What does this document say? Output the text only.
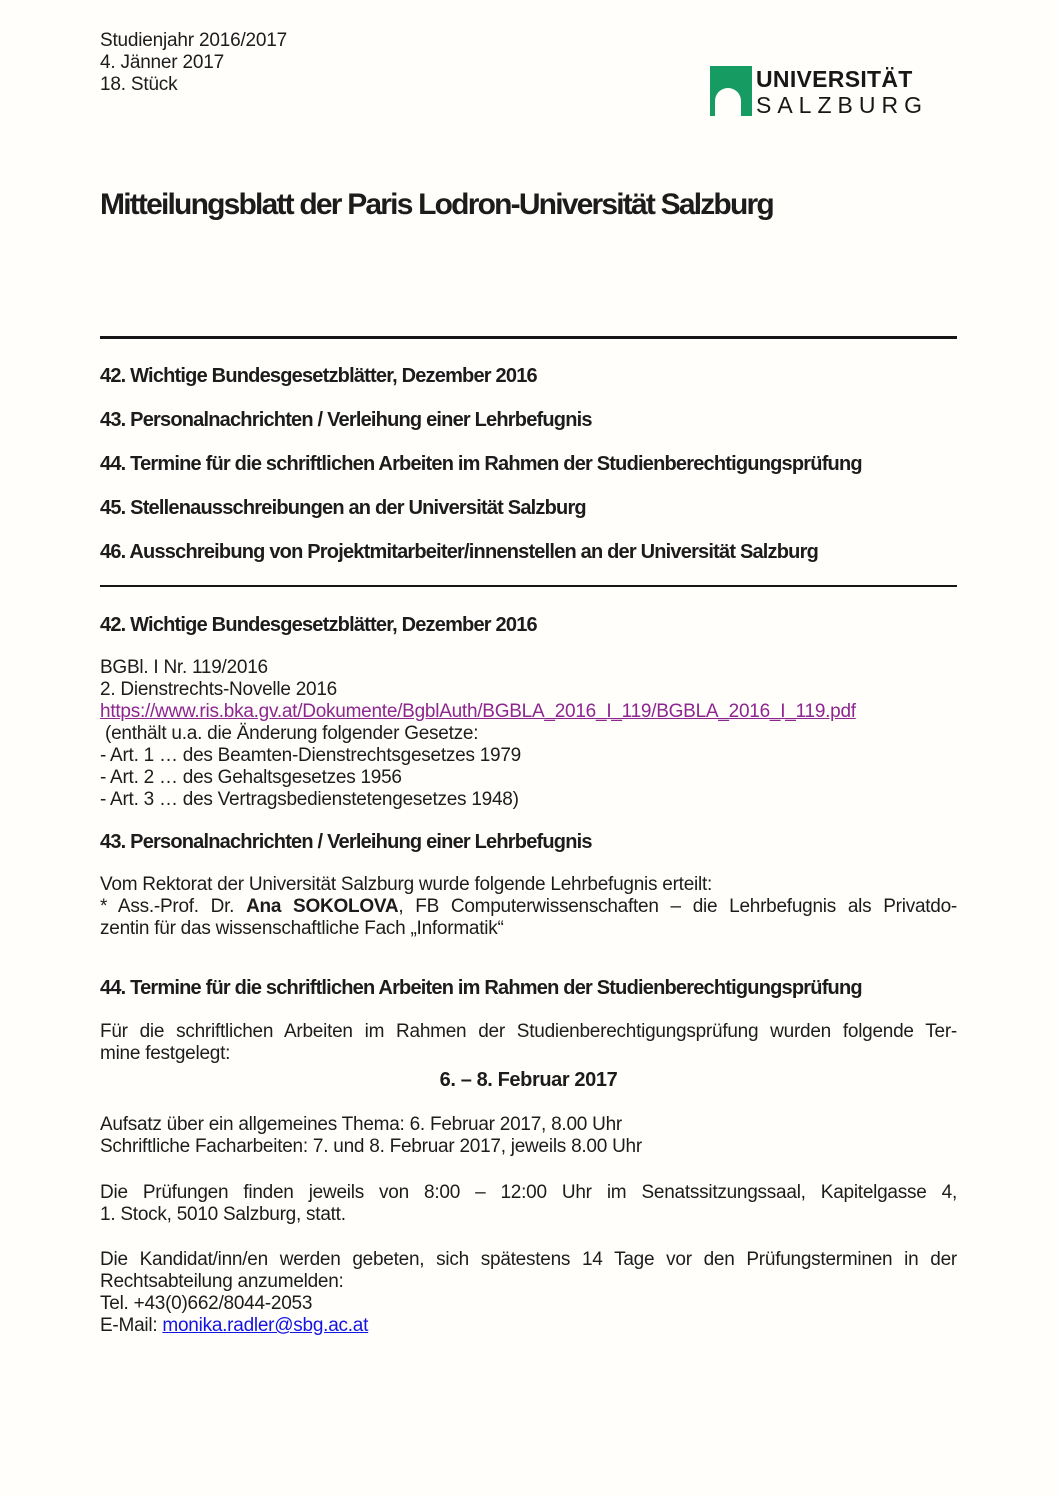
Studienjahr 2016/2017
4. Jänner 2017
18. Stück	UNIVERSITÄT
SALZBURG
Mitteilungsblatt der Paris Lodron-Universität Salzburg
42. Wichtige Bundesgesetzblätter, Dezember 2016
43. Personalnachrichten / Verleihung einer Lehrbefugnis
44. Termine für die schriftlichen Arbeiten im Rahmen der Studienberechtigungsprüfung
45. Stellenausschreibungen an der Universität Salzburg
46. Ausschreibung von Projektmitarbeiter/innenstellen an der Universität Salzburg
42. Wichtige Bundesgesetzblätter, Dezember 2016
BGBl. I Nr. 119/2016
2. Dienstrechts-Novelle 2016
https://www.ris.bka.gv.at/Dokumente/BgblAuth/BGBLA_2016_I_119/BGBLA_2016_I_119.pdf
(enthält u.a. die Änderung folgender Gesetze:
- Art. 1 … des Beamten-Dienstrechtsgesetzes 1979
- Art. 2 … des Gehaltsgesetzes 1956
- Art. 3 … des Vertragsbedienstetengesetzes 1948)
43. Personalnachrichten / Verleihung einer Lehrbefugnis
Vom Rektorat der Universität Salzburg wurde folgende Lehrbefugnis erteilt:
* Ass.-Prof. Dr. Ana SOKOLOVA, FB Computerwissenschaften – die Lehrbefugnis als Privatdo-
zentin für das wissenschaftliche Fach „Informatik“
44. Termine für die schriftlichen Arbeiten im Rahmen der Studienberechtigungsprüfung
Für die schriftlichen Arbeiten im Rahmen der Studienberechtigungsprüfung wurden folgende Ter-
mine festgelegt:
6. – 8. Februar 2017
Aufsatz über ein allgemeines Thema: 6. Februar 2017, 8.00 Uhr
Schriftliche Facharbeiten: 7. und 8. Februar 2017, jeweils 8.00 Uhr
Die Prüfungen finden jeweils von 8:00 – 12:00 Uhr im Senatssitzungssaal, Kapitelgasse 4,
1. Stock, 5010 Salzburg, statt.
Die Kandidat/inn/en werden gebeten, sich spätestens 14 Tage vor den Prüfungsterminen in der
Rechtsabteilung anzumelden:
Tel. +43(0)662/8044-2053
E-Mail: monika.radler@sbg.ac.at
